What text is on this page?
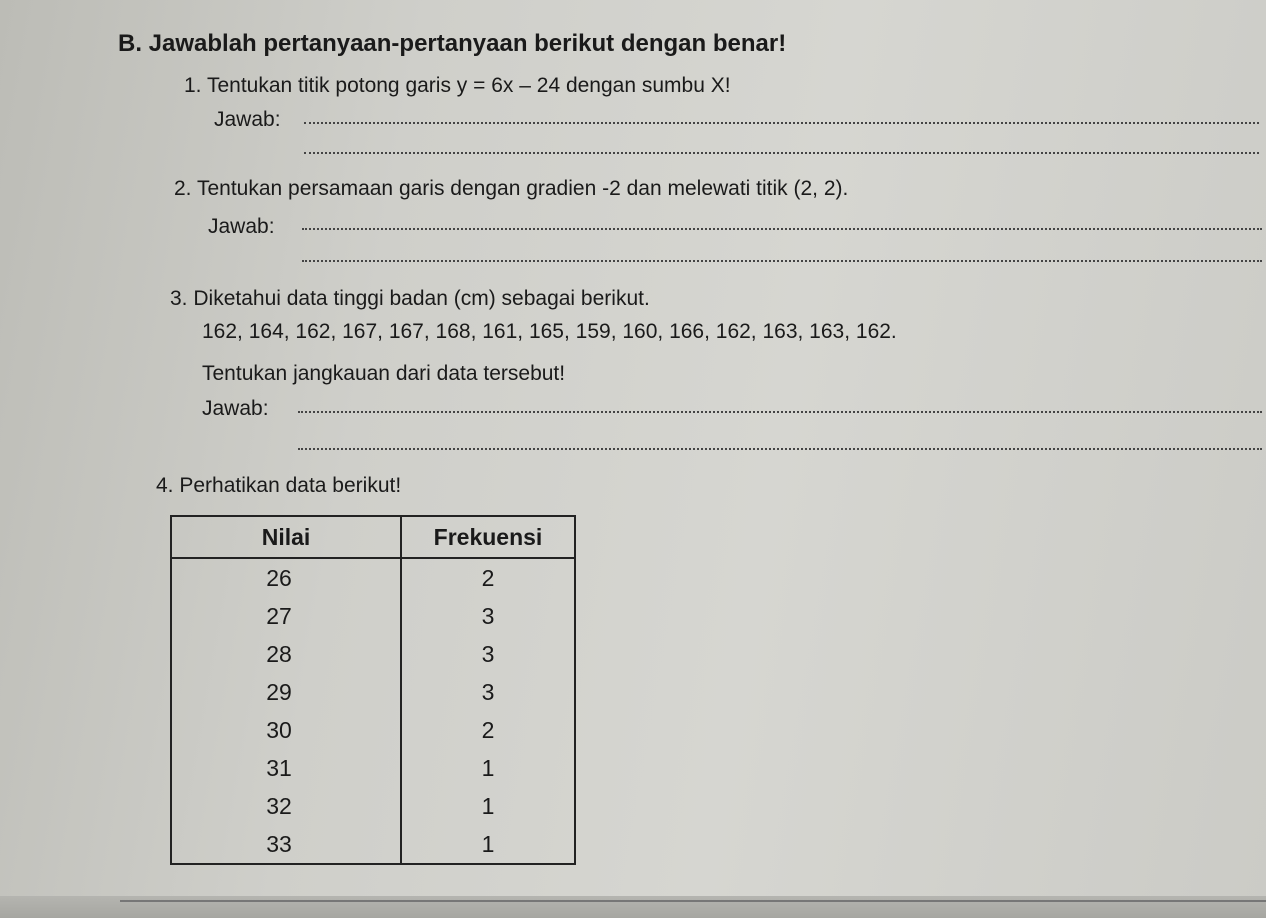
B. Jawablah pertanyaan-pertanyaan berikut dengan benar!
1. Tentukan titik potong garis y = 6x – 24 dengan sumbu X!
Jawab:
2. Tentukan persamaan garis dengan gradien -2 dan melewati titik (2, 2).
Jawab:
3. Diketahui data tinggi badan (cm) sebagai berikut.
162, 164, 162, 167, 167, 168, 161, 165, 159, 160, 166, 162, 163, 163, 162.
Tentukan jangkauan dari data tersebut!
Jawab:
4. Perhatikan data berikut!
Nilai	Frekuensi
26	2
27	3
28	3
29	3
30	2
31	1
32	1
33	1
